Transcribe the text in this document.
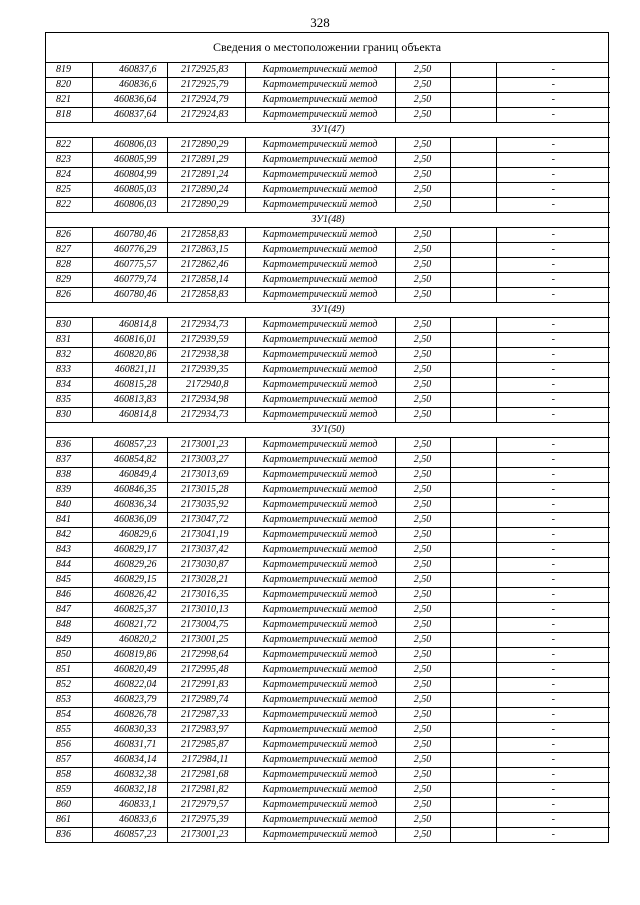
328
Сведения о местоположении границ объекта
819	460837,6	2172925,83	Картометрический метод	2,50		-
820	460836,6	2172925,79	Картометрический метод	2,50		-
821	460836,64	2172924,79	Картометрический метод	2,50		-
818	460837,64	2172924,83	Картометрический метод	2,50		-
ЗУ1(47)						
822	460806,03	2172890,29	Картометрический метод	2,50		-
823	460805,99	2172891,29	Картометрический метод	2,50		-
824	460804,99	2172891,24	Картометрический метод	2,50		-
825	460805,03	2172890,24	Картометрический метод	2,50		-
822	460806,03	2172890,29	Картометрический метод	2,50		-
ЗУ1(48)						
826	460780,46	2172858,83	Картометрический метод	2,50		-
827	460776,29	2172863,15	Картометрический метод	2,50		-
828	460775,57	2172862,46	Картометрический метод	2,50		-
829	460779,74	2172858,14	Картометрический метод	2,50		-
826	460780,46	2172858,83	Картометрический метод	2,50		-
ЗУ1(49)						
830	460814,8	2172934,73	Картометрический метод	2,50		-
831	460816,01	2172939,59	Картометрический метод	2,50		-
832	460820,86	2172938,38	Картометрический метод	2,50		-
833	460821,11	2172939,35	Картометрический метод	2,50		-
834	460815,28	2172940,8	Картометрический метод	2,50		-
835	460813,83	2172934,98	Картометрический метод	2,50		-
830	460814,8	2172934,73	Картометрический метод	2,50		-
ЗУ1(50)						
836	460857,23	2173001,23	Картометрический метод	2,50		-
837	460854,82	2173003,27	Картометрический метод	2,50		-
838	460849,4	2173013,69	Картометрический метод	2,50		-
839	460846,35	2173015,28	Картометрический метод	2,50		-
840	460836,34	2173035,92	Картометрический метод	2,50		-
841	460836,09	2173047,72	Картометрический метод	2,50		-
842	460829,6	2173041,19	Картометрический метод	2,50		-
843	460829,17	2173037,42	Картометрический метод	2,50		-
844	460829,26	2173030,87	Картометрический метод	2,50		-
845	460829,15	2173028,21	Картометрический метод	2,50		-
846	460826,42	2173016,35	Картометрический метод	2,50		-
847	460825,37	2173010,13	Картометрический метод	2,50		-
848	460821,72	2173004,75	Картометрический метод	2,50		-
849	460820,2	2173001,25	Картометрический метод	2,50		-
850	460819,86	2172998,64	Картометрический метод	2,50		-
851	460820,49	2172995,48	Картометрический метод	2,50		-
852	460822,04	2172991,83	Картометрический метод	2,50		-
853	460823,79	2172989,74	Картометрический метод	2,50		-
854	460826,78	2172987,33	Картометрический метод	2,50		-
855	460830,33	2172983,97	Картометрический метод	2,50		-
856	460831,71	2172985,87	Картометрический метод	2,50		-
857	460834,14	2172984,11	Картометрический метод	2,50		-
858	460832,38	2172981,68	Картометрический метод	2,50		-
859	460832,18	2172981,82	Картометрический метод	2,50		-
860	460833,1	2172979,57	Картометрический метод	2,50		-
861	460833,6	2172975,39	Картометрический метод	2,50		-
836	460857,23	2173001,23	Картометрический метод	2,50		-
